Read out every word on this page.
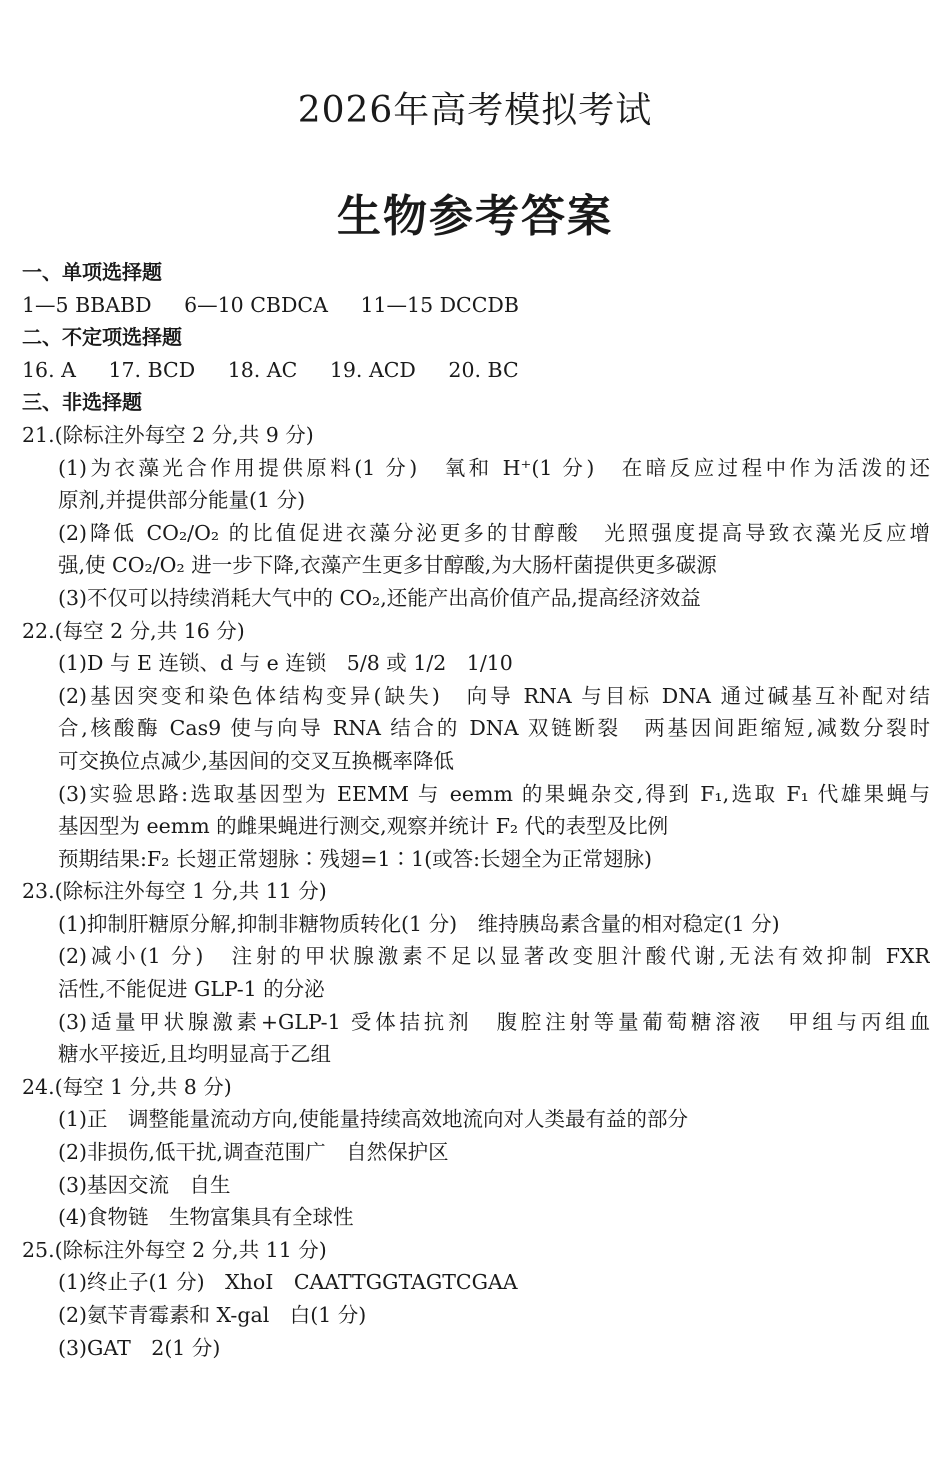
2026年高考模拟考试
生物参考答案
一、单项选择题
1—5 BBABD 6—10 CBDCA 11—15 DCCDB
二、不定项选择题
16. A 17. BCD 18. AC 19. ACD 20. BC
三、非选择题
21.(除标注外每空 2 分,共 9 分)
(1)为衣藻光合作用提供原料(1 分)　氧和 H⁺(1 分)　在暗反应过程中作为活泼的还
原剂,并提供部分能量(1 分)
(2)降低 CO₂/O₂ 的比值促进衣藻分泌更多的甘醇酸　光照强度提高导致衣藻光反应增
强,使 CO₂/O₂ 进一步下降,衣藻产生更多甘醇酸,为大肠杆菌提供更多碳源
(3)不仅可以持续消耗大气中的 CO₂,还能产出高价值产品,提高经济效益
22.(每空 2 分,共 16 分)
(1)D 与 E 连锁、d 与 e 连锁　5/8 或 1/2　1/10
(2)基因突变和染色体结构变异(缺失)　向导 RNA 与目标 DNA 通过碱基互补配对结
合,核酸酶 Cas9 使与向导 RNA 结合的 DNA 双链断裂　两基因间距缩短,减数分裂时
可交换位点减少,基因间的交叉互换概率降低
(3)实验思路:选取基因型为 EEMM 与 eemm 的果蝇杂交,得到 F₁,选取 F₁ 代雄果蝇与
基因型为 eemm 的雌果蝇进行测交,观察并统计 F₂ 代的表型及比例
预期结果:F₂ 长翅正常翅脉∶残翅=1∶1(或答:长翅全为正常翅脉)
23.(除标注外每空 1 分,共 11 分)
(1)抑制肝糖原分解,抑制非糖物质转化(1 分)　维持胰岛素含量的相对稳定(1 分)
(2)减小(1 分)　注射的甲状腺激素不足以显著改变胆汁酸代谢,无法有效抑制 FXR
活性,不能促进 GLP-1 的分泌
(3)适量甲状腺激素+GLP-1 受体拮抗剂　腹腔注射等量葡萄糖溶液　甲组与丙组血
糖水平接近,且均明显高于乙组
24.(每空 1 分,共 8 分)
(1)正　调整能量流动方向,使能量持续高效地流向对人类最有益的部分
(2)非损伤,低干扰,调查范围广　自然保护区
(3)基因交流　自生
(4)食物链　生物富集具有全球性
25.(除标注外每空 2 分,共 11 分)
(1)终止子(1 分)　XhoI　CAATTGGTAGTCGAA
(2)氨苄青霉素和 X-gal　白(1 分)
(3)GAT　2(1 分)
